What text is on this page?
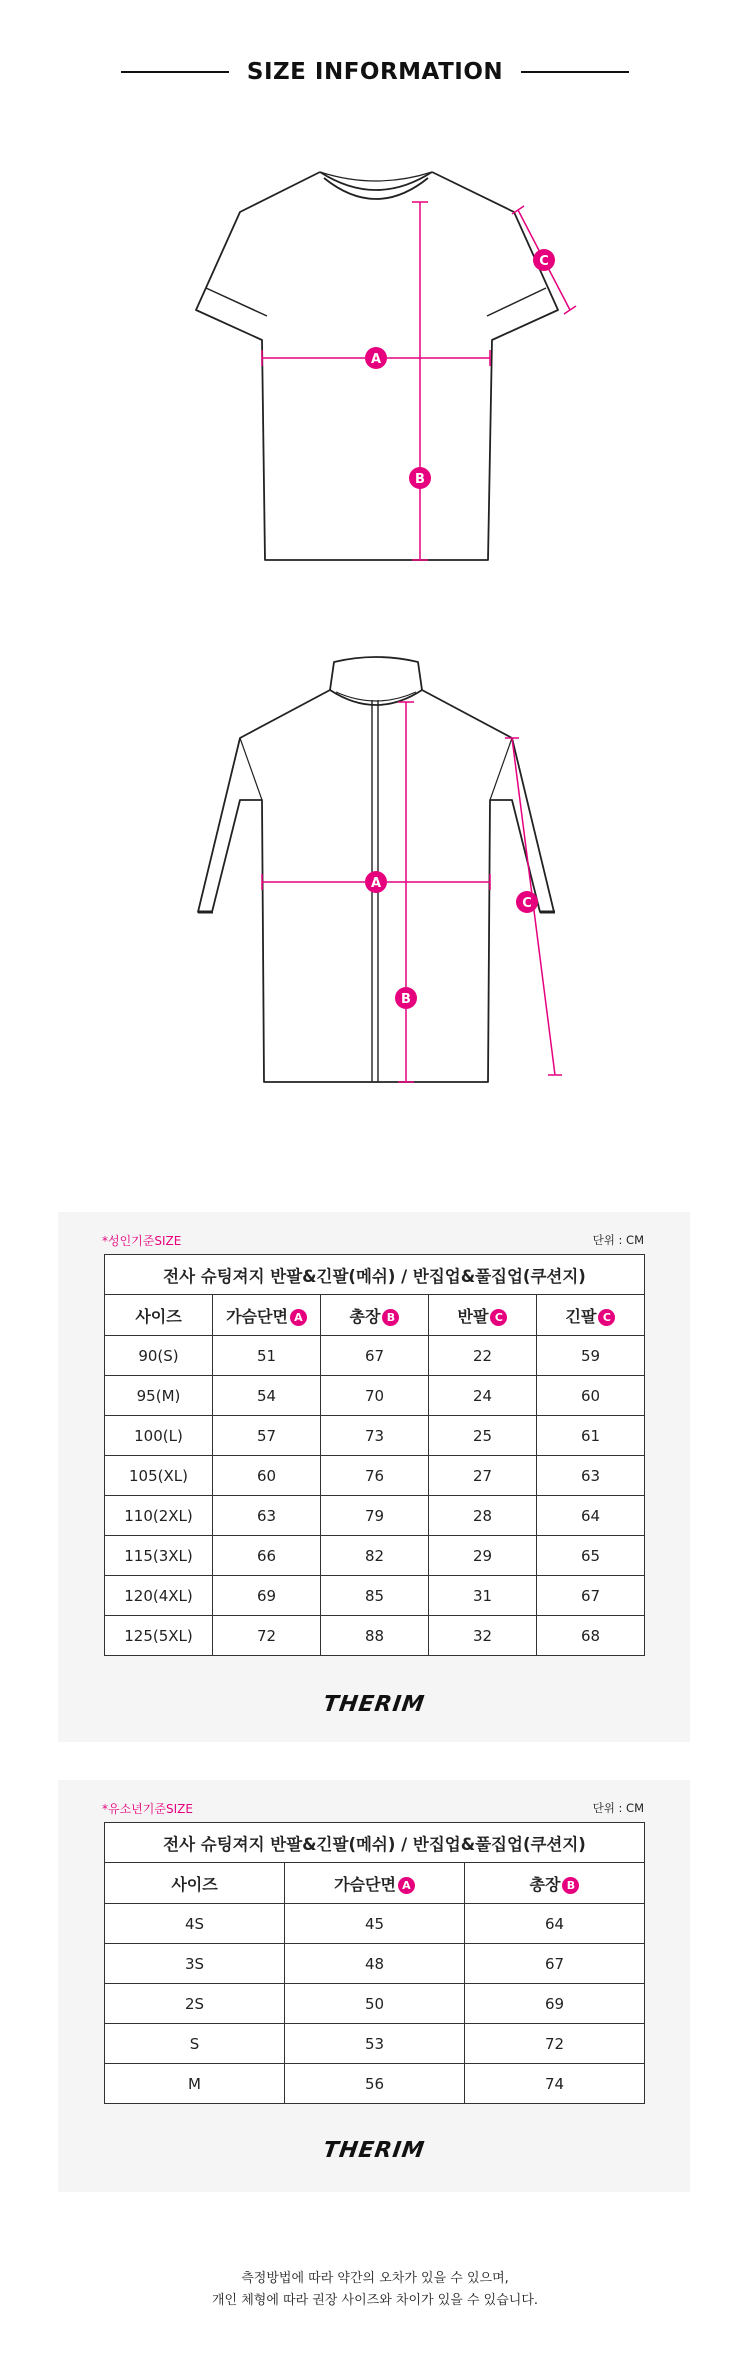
SIZE INFORMATION
A
B
C
A
B
C
*성인기준SIZE	단위 : CM
전사 슈팅져지 반팔&긴팔(메쉬) / 반집업&풀집업(쿠션지)				
사이즈	가슴단면 A	총장 B	반팔 C	긴팔 C
90(S)	51	67	22	59
95(M)	54	70	24	60
100(L)	57	73	25	61
105(XL)	60	76	27	63
110(2XL)	63	79	28	64
115(3XL)	66	82	29	65
120(4XL)	69	85	31	67
125(5XL)	72	88	32	68
THERIM
*유소년기준SIZE	단위 : CM
전사 슈팅져지 반팔&긴팔(메쉬) / 반집업&풀집업(쿠션지)		
사이즈	가슴단면 A	총장 B
4S	45	64
3S	48	67
2S	50	69
S	53	72
M	56	74
THERIM
측정방법에 따라 약간의 오차가 있을 수 있으며,
개인 체형에 따라 권장 사이즈와 차이가 있을 수 있습니다.
